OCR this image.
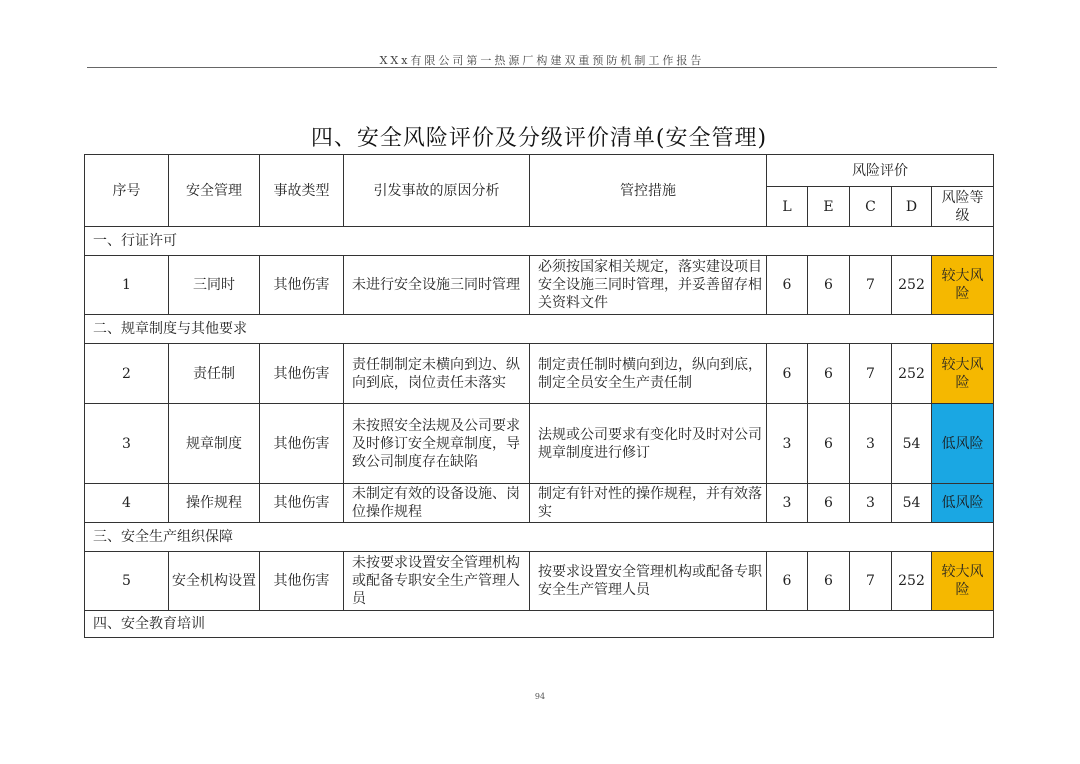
XXx有限公司第一热源厂构建双重预防机制工作报告
四、安全风险评价及分级评价清单(安全管理)
序号	安全管理	事故类型	引发事故的原因分析	管控措施	风险评价				
					L	E	C	D	风险等级
一、行证许可									
1	三同时	其他伤害	未进行安全设施三同时管理	必须按国家相关规定，落实建设项目安全设施三同时管理，并妥善留存相关资料文件	6	6	7	252	较大风险
二、规章制度与其他要求									
2	责任制	其他伤害	责任制制定未横向到边、纵向到底，岗位责任未落实	制定责任制时横向到边，纵向到底，制定全员安全生产责任制	6	6	7	252	较大风险
3	规章制度	其他伤害	未按照安全法规及公司要求及时修订安全规章制度，导致公司制度存在缺陷	法规或公司要求有变化时及时对公司规章制度进行修订	3	6	3	54	低风险
4	操作规程	其他伤害	未制定有效的设备设施、岗位操作规程	制定有针对性的操作规程，并有效落实	3	6	3	54	低风险
三、安全生产组织保障									
5	安全机构设置	其他伤害	未按要求设置安全管理机构或配备专职安全生产管理人员	按要求设置安全管理机构或配备专职安全生产管理人员	6	6	7	252	较大风险
四、安全教育培训									
94
